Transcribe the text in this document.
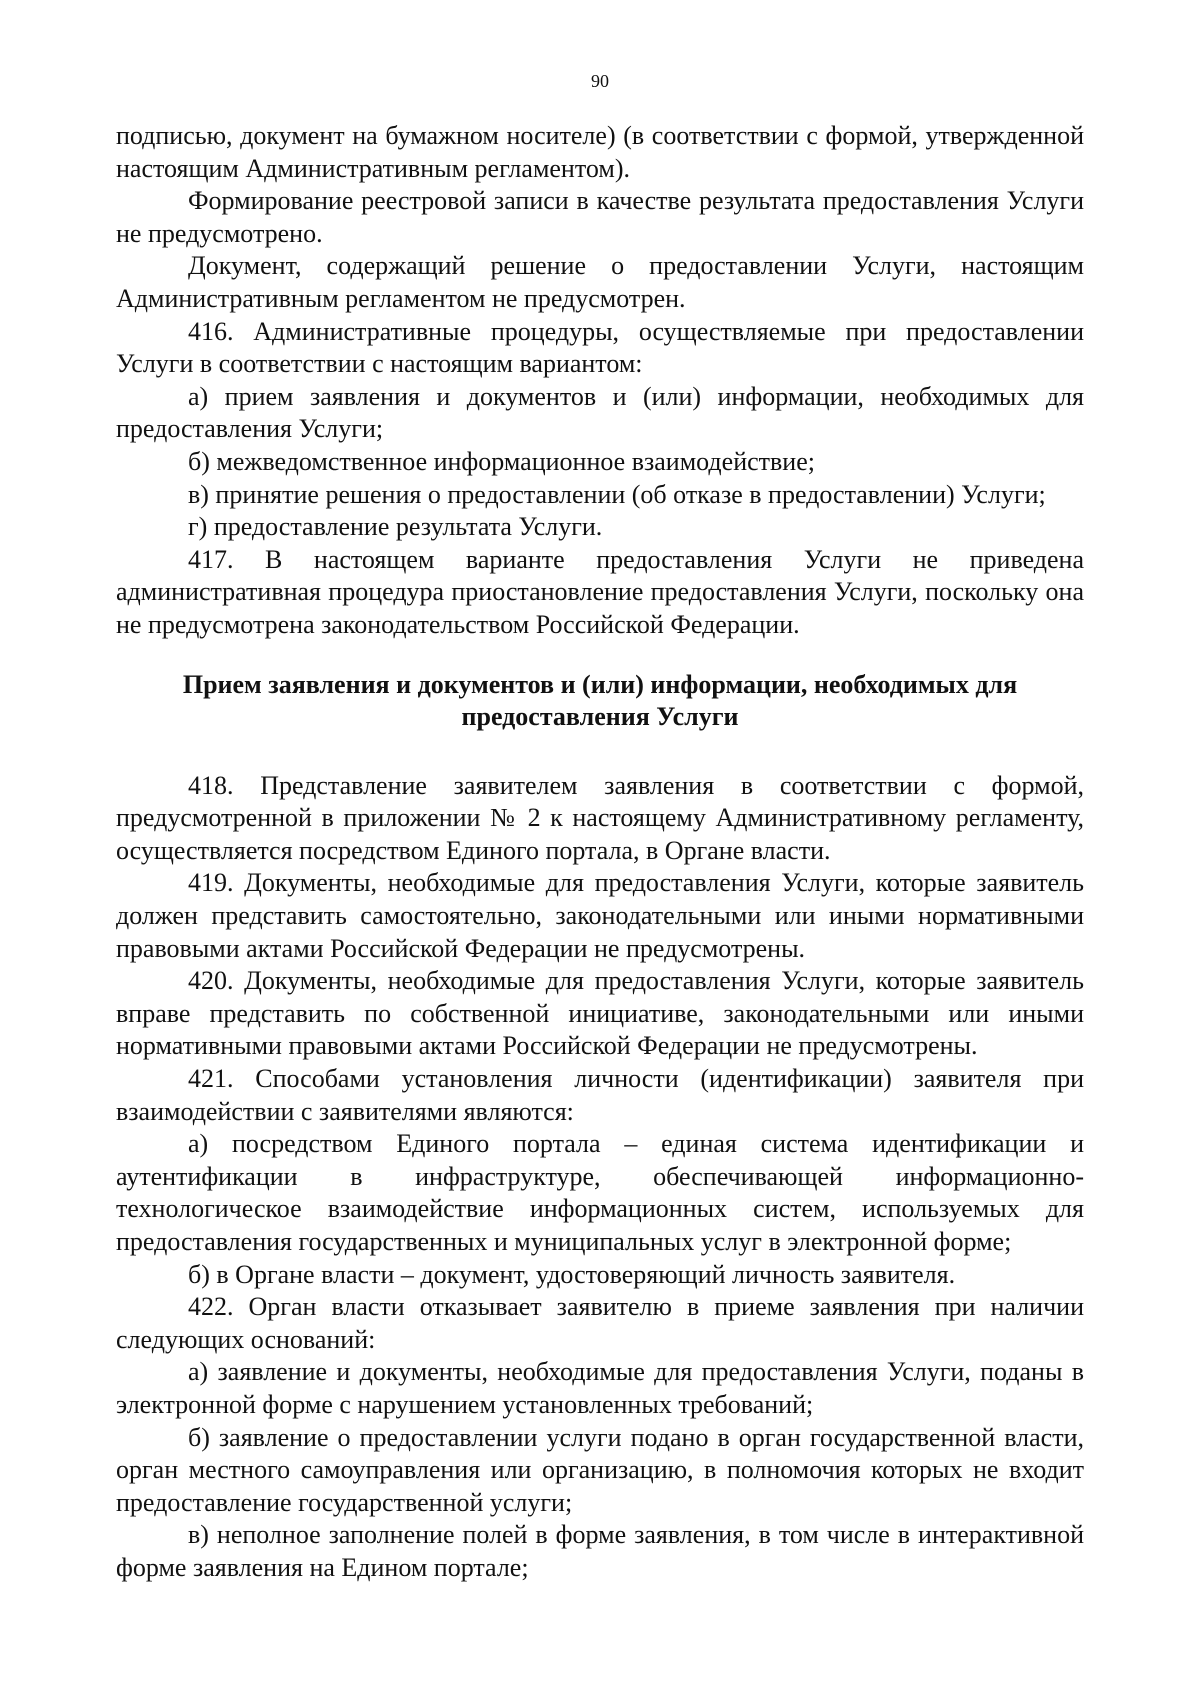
90

подписью, документ на бумажном носителе) (в соответствии с формой, утвержденной настоящим Административным регламентом).

Формирование реестровой записи в качестве результата предоставления Услуги не предусмотрено.

Документ, содержащий решение о предоставлении Услуги, настоящим Административным регламентом не предусмотрен.

416. Административные процедуры, осуществляемые при предоставлении Услуги в соответствии с настоящим вариантом:

а) прием заявления и документов и (или) информации, необходимых для предоставления Услуги;

б) межведомственное информационное взаимодействие;

в) принятие решения о предоставлении (об отказе в предоставлении) Услуги;

г) предоставление результата Услуги.

417. В настоящем варианте предоставления Услуги не приведена административная процедура приостановление предоставления Услуги, поскольку она не предусмотрена законодательством Российской Федерации.

Прием заявления и документов и (или) информации, необходимых для
предоставления Услуги

418. Представление заявителем заявления в соответствии с формой, предусмотренной в приложении № 2 к настоящему Административному регламенту, осуществляется посредством Единого портала, в Органе власти.

419. Документы, необходимые для предоставления Услуги, которые заявитель должен представить самостоятельно, законодательными или иными нормативными правовыми актами Российской Федерации не предусмотрены.

420. Документы, необходимые для предоставления Услуги, которые заявитель вправе представить по собственной инициативе, законодательными или иными нормативными правовыми актами Российской Федерации не предусмотрены.

421. Способами установления личности (идентификации) заявителя при взаимодействии с заявителями являются:

а) посредством Единого портала – единая система идентификации и аутентификации в инфраструктуре, обеспечивающей информационно-технологическое взаимодействие информационных систем, используемых для предоставления государственных и муниципальных услуг в электронной форме;

б) в Органе власти – документ, удостоверяющий личность заявителя.

422. Орган власти отказывает заявителю в приеме заявления при наличии следующих оснований:

а) заявление и документы, необходимые для предоставления Услуги, поданы в электронной форме с нарушением установленных требований;

б) заявление о предоставлении услуги подано в орган государственной власти, орган местного самоуправления или организацию, в полномочия которых не входит предоставление государственной услуги;

в) неполное заполнение полей в форме заявления, в том числе в интерактивной форме заявления на Едином портале;
